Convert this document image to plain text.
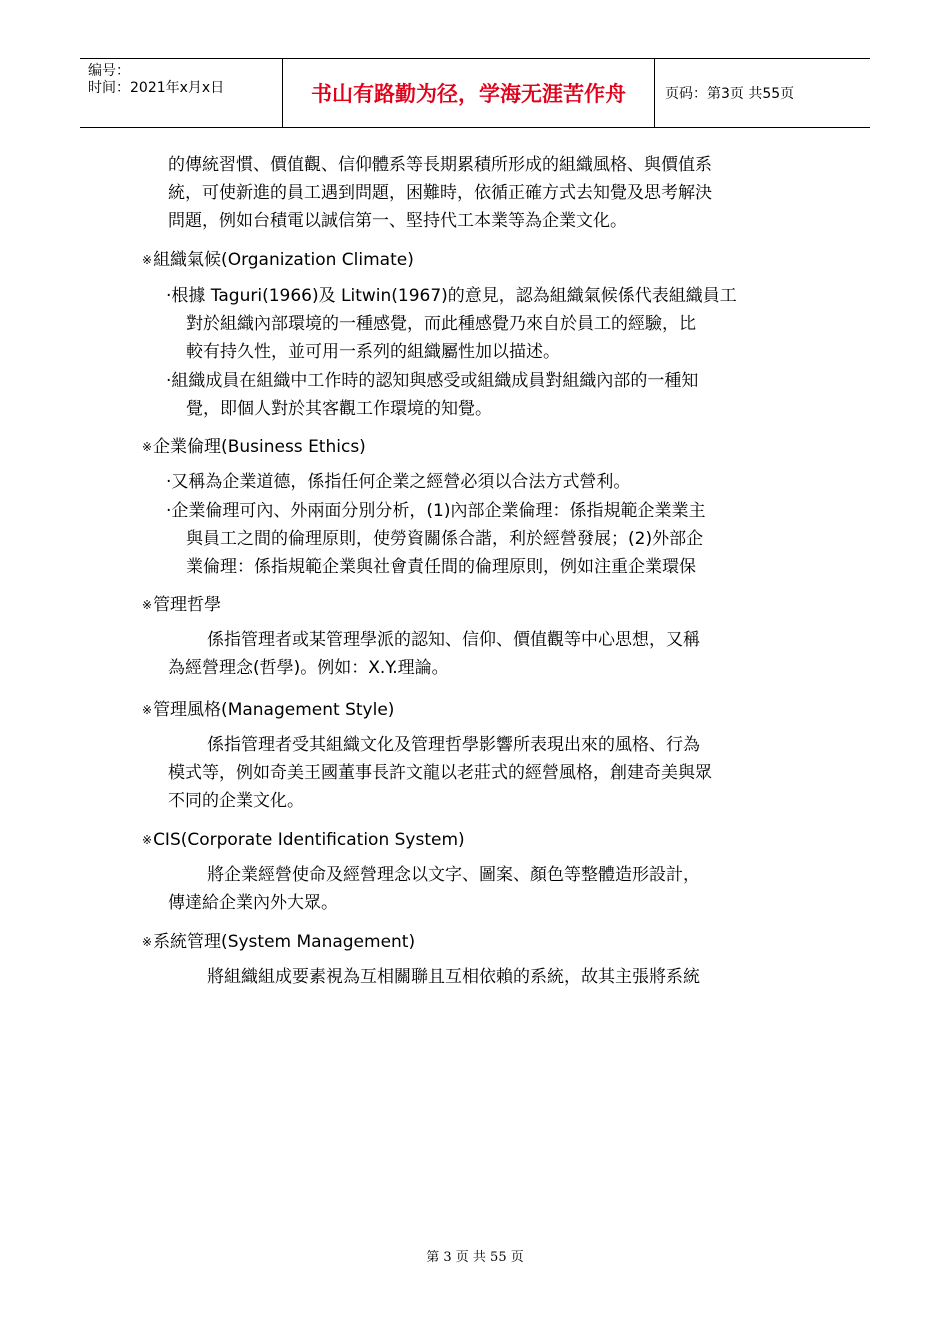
编号：
时间：2021年x月x日	书山有路勤为径，学海无涯苦作舟	页码：第3页 共55页
的傳統習慣、價值觀、信仰體系等長期累積所形成的組織風格、與價值系
統，可使新進的員工遇到問題，困難時，依循正確方式去知覺及思考解決
問題，例如台積電以誠信第一、堅持代工本業等為企業文化。
※組織氣候(Organization Climate)
·根據 Taguri(1966)及 Litwin(1967)的意見，認為組織氣候係代表組織員工
對於組織內部環境的一種感覺，而此種感覺乃來自於員工的經驗，比
較有持久性，並可用一系列的組織屬性加以描述。
·組織成員在組織中工作時的認知與感受或組織成員對組織內部的一種知
覺，即個人對於其客觀工作環境的知覺。
※企業倫理(Business Ethics)
·又稱為企業道德，係指任何企業之經營必須以合法方式營利。
·企業倫理可內、外兩面分別分析，(1)內部企業倫理：係指規範企業業主
與員工之間的倫理原則，使勞資關係合諧，利於經營發展；(2)外部企
業倫理：係指規範企業與社會責任間的倫理原則，例如注重企業環保
※管理哲學
係指管理者或某管理學派的認知、信仰、價值觀等中心思想，又稱
為經營理念(哲學)。例如：X.Y.理論。
※管理風格(Management Style)
係指管理者受其組織文化及管理哲學影響所表現出來的風格、行為
模式等，例如奇美王國董事長許文龍以老莊式的經營風格，創建奇美與眾
不同的企業文化。
※CIS(Corporate Identification System)
將企業經營使命及經營理念以文字、圖案、顏色等整體造形設計，
傳達給企業內外大眾。
※系統管理(System Management)
將組織組成要素視為互相關聯且互相依賴的系統，故其主張將系統
第 3 页 共 55 页
